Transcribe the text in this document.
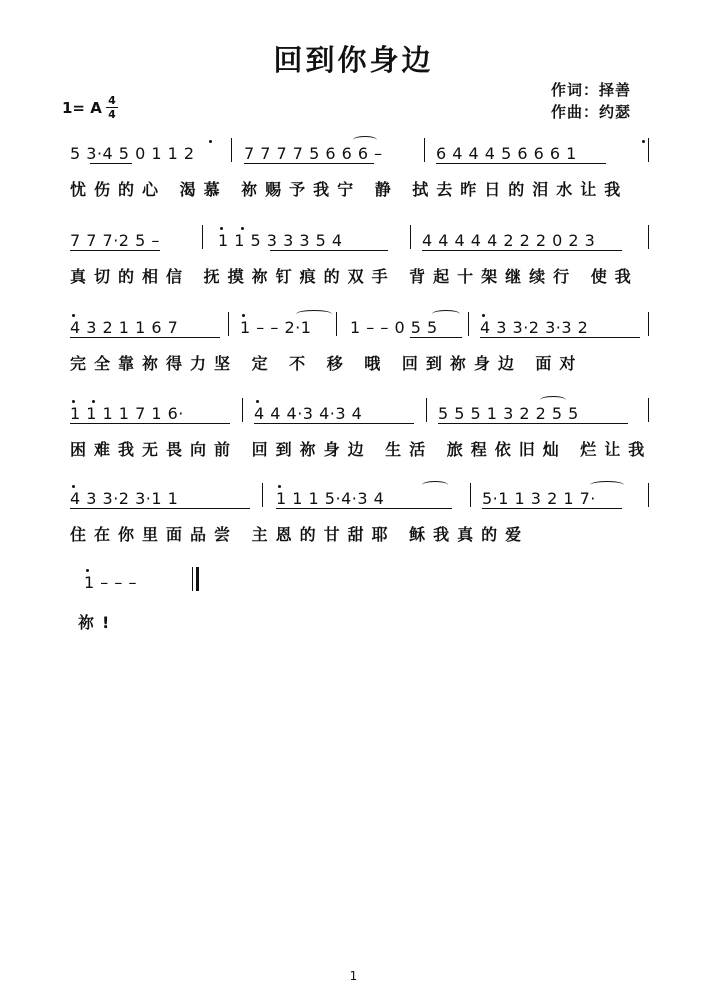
回到你身边
作词：择善
作曲：约瑟
1= A 4
4
5 3·4 5 0 1 1 2	7 7 7 7 5 6 6 6 –	6 4 4 4 5 6 6 6 1
忧伤的心 渴慕 祢赐予我宁 静 拭去昨日的泪水让我
7 7 7·2 5 –	1 1 5 3 3 3 5 4	4 4 4 4 4 2 2 2 0 2 3
真切的相信 抚摸祢钉痕的双手 背起十架继续行 使我
4 3 2 1 1 6 7	1 – – 2·1 1 – – 0 5 5	4 3 3·2 3·3 2
完全靠祢得力坚 定 不 移 哦 回到祢身边 面对
1 1 1 1 7 1 6·	4 4 4·3 4·3 4	5 5 5 1 3 2 2 5 5
困难我无畏向前 回到祢身边 生活 旅程依旧灿 烂让我
4 3 3·2 3·1 1	1 1 1 5·4·3 4	5·1 1 3 2 1 7·
住在你里面品尝 主恩的甘甜耶 稣我真的爱
1 – – –
祢!
1
